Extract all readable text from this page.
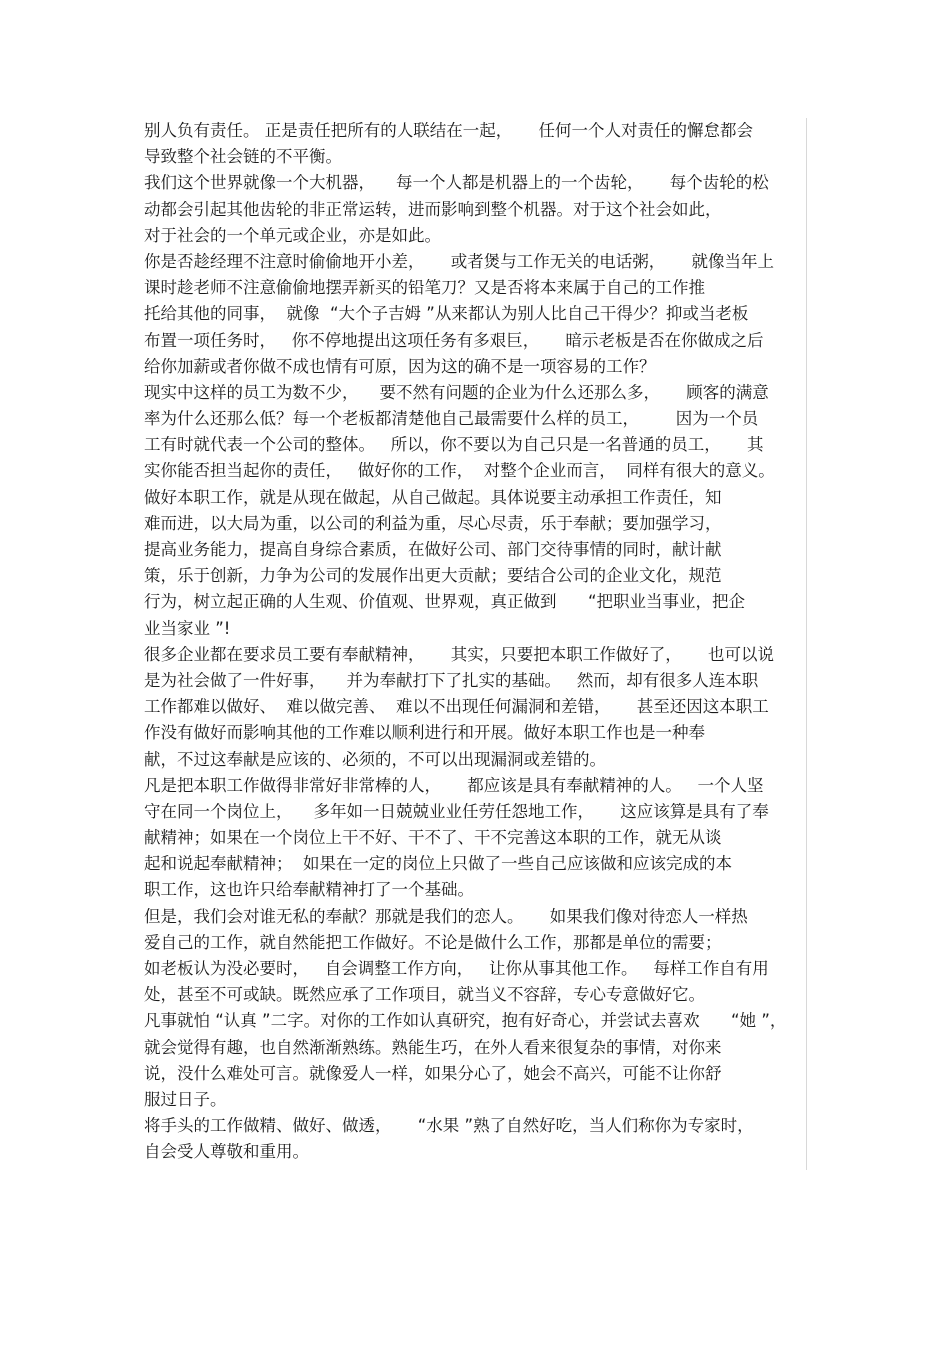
别人负有责任。 正是责任把所有的人联结在一起，     任何一个人对责任的懈怠都会
导致整个社会链的不平衡。
我们这个世界就像一个大机器，    每一个人都是机器上的一个齿轮，     每个齿轮的松
动都会引起其他齿轮的非正常运转，进而影响到整个机器。对于这个社会如此，
对于社会的一个单元或企业，亦是如此。
你是否趁经理不注意时偷偷地开小差，     或者煲与工作无关的电话粥，     就像当年上
课时趁老师不注意偷偷地摆弄新买的铅笔刀？又是否将本来属于自己的工作推
托给其他的同事，  就像  “大个子吉姆 ”从来都认为别人比自己干得少？抑或当老板
布置一项任务时，   你不停地提出这项任务有多艰巨，     暗示老板是否在你做成之后
给你加薪或者你做不成也情有可原，因为这的确不是一项容易的工作？
现实中这样的员工为数不少，    要不然有问题的企业为什么还那么多，     顾客的满意
率为什么还那么低？每一个老板都清楚他自己最需要什么样的员工，       因为一个员
工有时就代表一个公司的整体。   所以，你不要以为自己只是一名普通的员工，     其
实你能否担当起你的责任，   做好你的工作，  对整个企业而言，  同样有很大的意义。
做好本职工作，就是从现在做起，从自己做起。具体说要主动承担工作责任，知
难而进，以大局为重，以公司的利益为重，尽心尽责，乐于奉献；要加强学习，
提高业务能力，提高自身综合素质，在做好公司、部门交待事情的同时，献计献
策，乐于创新，力争为公司的发展作出更大贡献；要结合公司的企业文化，规范
行为，树立起正确的人生观、价值观、世界观，真正做到      “把职业当事业，把企
业当家业 ”!
很多企业都在要求员工要有奉献精神，     其实，只要把本职工作做好了，     也可以说
是为社会做了一件好事，    并为奉献打下了扎实的基础。   然而，却有很多人连本职
工作都难以做好、  难以做完善、  难以不出现任何漏洞和差错，     甚至还因这本职工
作没有做好而影响其他的工作难以顺利进行和开展。做好本职工作也是一种奉
献，不过这奉献是应该的、必须的，不可以出现漏洞或差错的。
凡是把本职工作做得非常好非常棒的人，     都应该是具有奉献精神的人。   一个人坚
守在同一个岗位上，    多年如一日兢兢业业任劳任怨地工作，     这应该算是具有了奉
献精神；如果在一个岗位上干不好、干不了、干不完善这本职的工作，就无从谈
起和说起奉献精神；  如果在一定的岗位上只做了一些自己应该做和应该完成的本
职工作，这也许只给奉献精神打了一个基础。
但是，我们会对谁无私的奉献？那就是我们的恋人。     如果我们像对待恋人一样热
爱自己的工作，就自然能把工作做好。不论是做什么工作，那都是单位的需要；
如老板认为没必要时，   自会调整工作方向，   让你从事其他工作。   每样工作自有用
处，甚至不可或缺。既然应承了工作项目，就当义不容辞，专心专意做好它。
凡事就怕 “认真 ”二字。对你的工作如认真研究，抱有好奇心，并尝试去喜欢      “她 ”，
就会觉得有趣，也自然渐渐熟练。熟能生巧，在外人看来很复杂的事情，对你来
说，没什么难处可言。就像爱人一样，如果分心了，她会不高兴，可能不让你舒
服过日子。
将手头的工作做精、做好、做透，     “水果 ”熟了自然好吃，当人们称你为专家时，
自会受人尊敬和重用。
